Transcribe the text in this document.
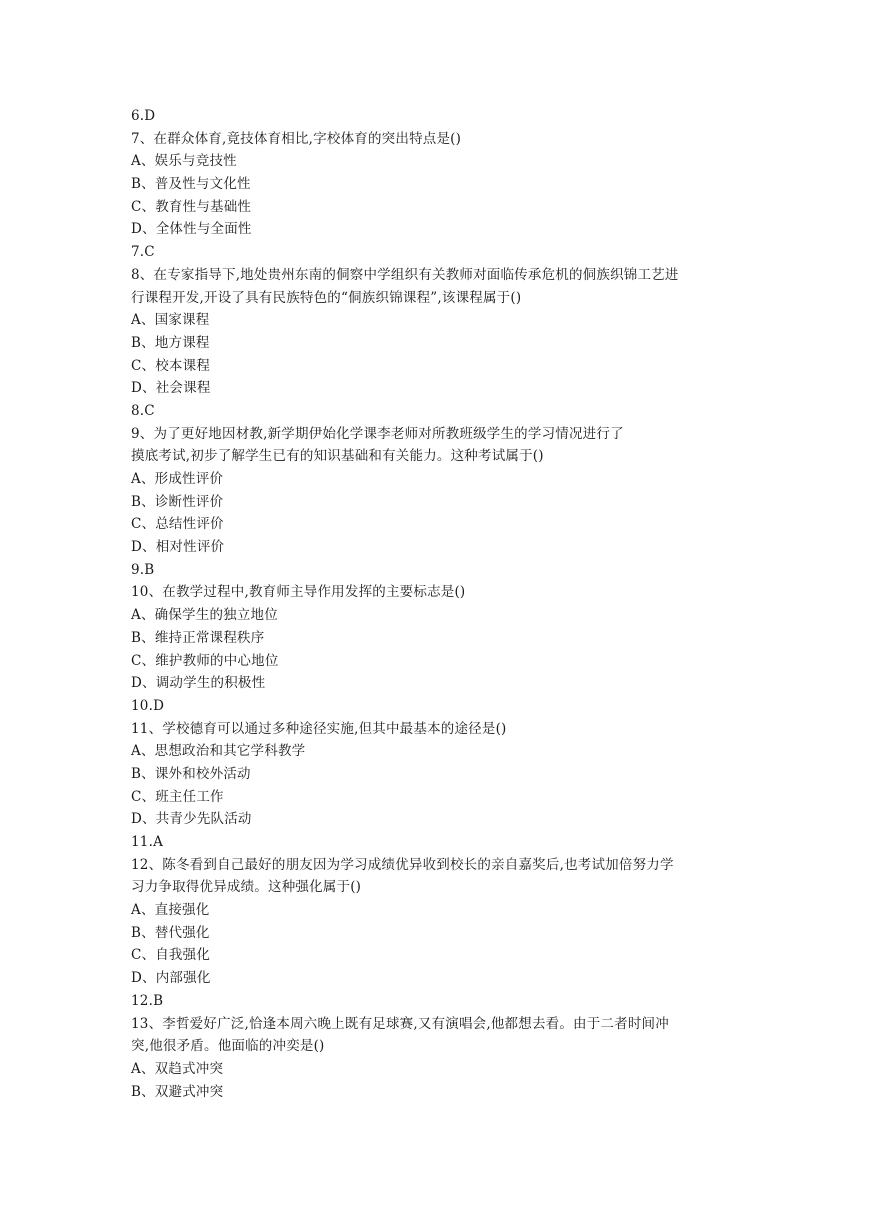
6.D
7、在群众体育,竟技体育相比,字校体育的突出特点是()
A、娱乐与竞技性
B、普及性与文化性
C、教育性与基础性
D、全体性与全面性
7.C
8、在专家指导下,地处贵州东南的侗察中学组织有关教师对面临传承危机的侗族织锦工艺进
行课程开发,开设了具有民族特色的“侗族织锦课程”,该课程属于()
A、国家课程
B、地方课程
C、校本课程
D、社会课程
8.C
9、为了更好地因材教,新学期伊始化学课李老师对所教班级学生的学习情况进行了
摸底考试,初步了解学生已有的知识基础和有关能力。这种考试属于()
A、形成性评价
B、诊断性评价
C、总结性评价
D、相对性评价
9.B
10、在教学过程中,教育师主导作用发挥的主要标志是()
A、确保学生的独立地位
B、维持正常课程秩序
C、维护教师的中心地位
D、调动学生的积极性
10.D
11、学校德育可以通过多种途径实施,但其中最基本的途径是()
A、思想政治和其它学科教学
B、课外和校外活动
C、班主任工作
D、共青少先队活动
11.A
12、陈冬看到自己最好的朋友因为学习成绩优异收到校长的亲自嘉奖后,也考试加倍努力学
习力争取得优异成绩。这种强化属于()
A、直接强化
B、替代强化
C、自我强化
D、内部强化
12.B
13、李哲爱好广泛,恰逢本周六晚上既有足球赛,又有演唱会,他都想去看。由于二者时间冲
突,他很矛盾。他面临的冲奕是()
A、双趋式冲突
B、双避式冲突
